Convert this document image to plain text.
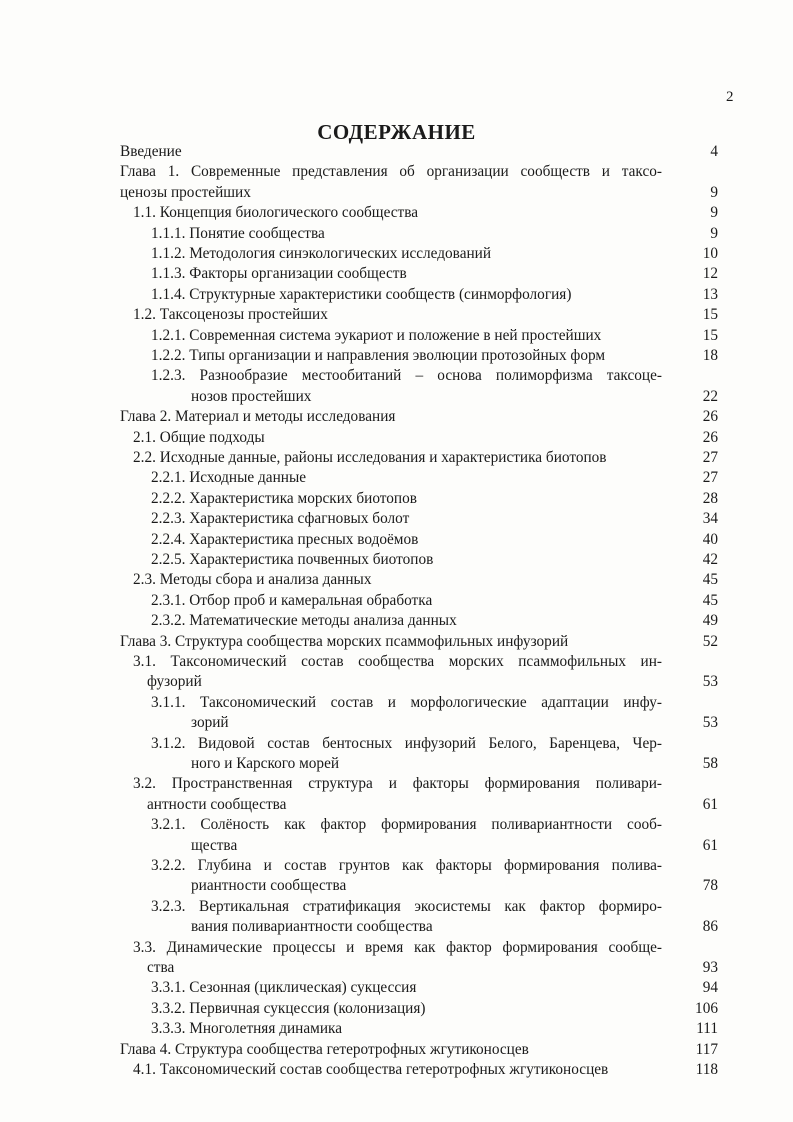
2
СОДЕРЖАНИЕ
Введение	4
Глава 1. Современные представления об организации сообществ и таксо-
ценозы простейших	9
1.1. Концепция биологического сообщества	9
1.1.1. Понятие сообщества	9
1.1.2. Методология синэкологических исследований	10
1.1.3. Факторы организации сообществ	12
1.1.4. Структурные характеристики сообществ (синморфология)	13
1.2. Таксоценозы простейших	15
1.2.1. Современная система эукариот и положение в ней простейших	15
1.2.2. Типы организации и направления эволюции протозойных форм	18
1.2.3. Разнообразие местообитаний – основа полиморфизма таксоце-
нозов простейших	22
Глава 2. Материал и методы исследования	26
2.1. Общие подходы	26
2.2. Исходные данные, районы исследования и характеристика биотопов	27
2.2.1. Исходные данные	27
2.2.2. Характеристика морских биотопов	28
2.2.3. Характеристика сфагновых болот	34
2.2.4. Характеристика пресных водоёмов	40
2.2.5. Характеристика почвенных биотопов	42
2.3. Методы сбора и анализа данных	45
2.3.1. Отбор проб и камеральная обработка	45
2.3.2. Математические методы анализа данных	49
Глава 3. Структура сообщества морских псаммофильных инфузорий	52
3.1. Таксономический состав сообщества морских псаммофильных ин-
фузорий	53
3.1.1. Таксономический состав и морфологические адаптации инфу-
зорий	53
3.1.2. Видовой состав бентосных инфузорий Белого, Баренцева, Чер-
ного и Карского морей	58
3.2. Пространственная структура и факторы формирования поливари-
антности сообщества	61
3.2.1. Солёность как фактор формирования поливариантности сооб-
щества	61
3.2.2. Глубина и состав грунтов как факторы формирования полива-
риантности сообщества	78
3.2.3. Вертикальная стратификация экосистемы как фактор формиро-
вания поливариантности сообщества	86
3.3. Динамические процессы и время как фактор формирования сообще-
ства	93
3.3.1. Сезонная (циклическая) сукцессия	94
3.3.2. Первичная сукцессия (колонизация)	106
3.3.3. Многолетняя динамика	111
Глава 4. Структура сообщества гетеротрофных жгутиконосцев	117
4.1. Таксономический состав сообщества гетеротрофных жгутиконосцев	118
